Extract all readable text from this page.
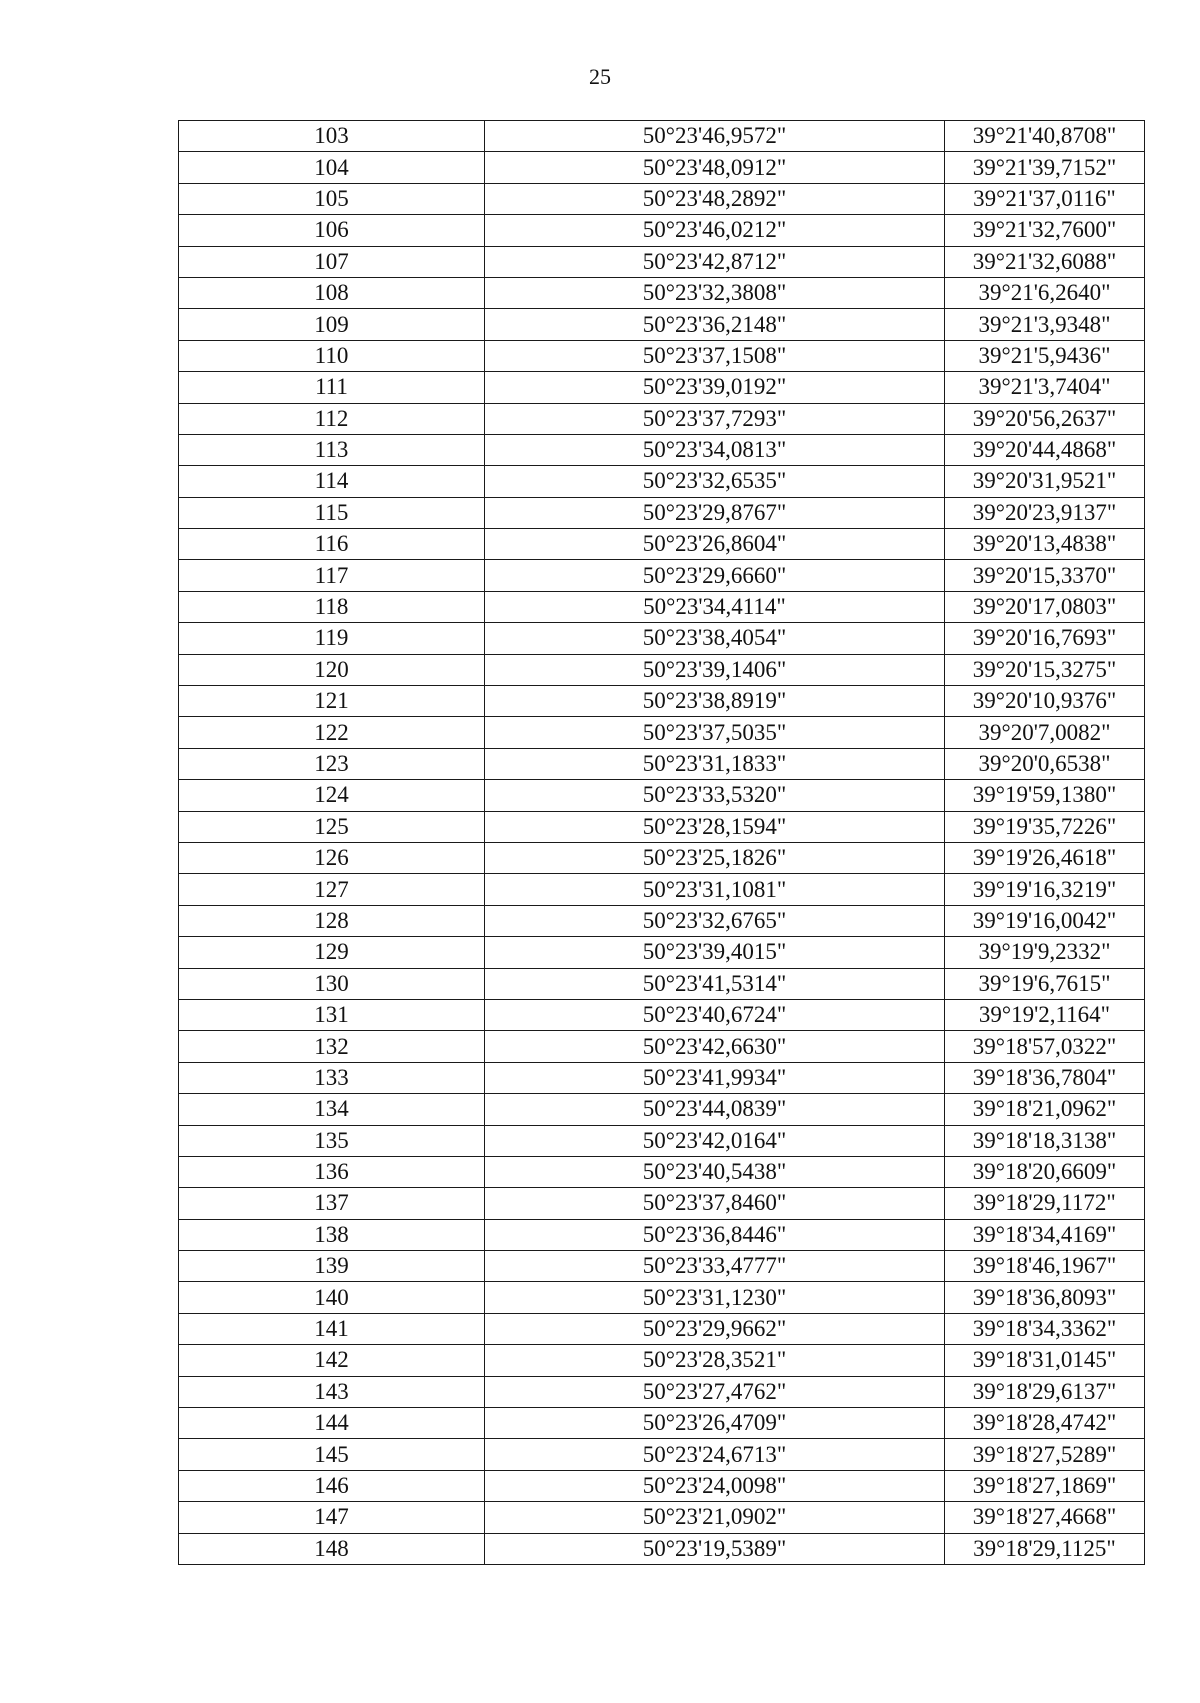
25
103	50°23'46,9572"	39°21'40,8708"
104	50°23'48,0912"	39°21'39,7152"
105	50°23'48,2892"	39°21'37,0116"
106	50°23'46,0212"	39°21'32,7600"
107	50°23'42,8712"	39°21'32,6088"
108	50°23'32,3808"	39°21'6,2640"
109	50°23'36,2148"	39°21'3,9348"
110	50°23'37,1508"	39°21'5,9436"
111	50°23'39,0192"	39°21'3,7404"
112	50°23'37,7293"	39°20'56,2637"
113	50°23'34,0813"	39°20'44,4868"
114	50°23'32,6535"	39°20'31,9521"
115	50°23'29,8767"	39°20'23,9137"
116	50°23'26,8604"	39°20'13,4838"
117	50°23'29,6660"	39°20'15,3370"
118	50°23'34,4114"	39°20'17,0803"
119	50°23'38,4054"	39°20'16,7693"
120	50°23'39,1406"	39°20'15,3275"
121	50°23'38,8919"	39°20'10,9376"
122	50°23'37,5035"	39°20'7,0082"
123	50°23'31,1833"	39°20'0,6538"
124	50°23'33,5320"	39°19'59,1380"
125	50°23'28,1594"	39°19'35,7226"
126	50°23'25,1826"	39°19'26,4618"
127	50°23'31,1081"	39°19'16,3219"
128	50°23'32,6765"	39°19'16,0042"
129	50°23'39,4015"	39°19'9,2332"
130	50°23'41,5314"	39°19'6,7615"
131	50°23'40,6724"	39°19'2,1164"
132	50°23'42,6630"	39°18'57,0322"
133	50°23'41,9934"	39°18'36,7804"
134	50°23'44,0839"	39°18'21,0962"
135	50°23'42,0164"	39°18'18,3138"
136	50°23'40,5438"	39°18'20,6609"
137	50°23'37,8460"	39°18'29,1172"
138	50°23'36,8446"	39°18'34,4169"
139	50°23'33,4777"	39°18'46,1967"
140	50°23'31,1230"	39°18'36,8093"
141	50°23'29,9662"	39°18'34,3362"
142	50°23'28,3521"	39°18'31,0145"
143	50°23'27,4762"	39°18'29,6137"
144	50°23'26,4709"	39°18'28,4742"
145	50°23'24,6713"	39°18'27,5289"
146	50°23'24,0098"	39°18'27,1869"
147	50°23'21,0902"	39°18'27,4668"
148	50°23'19,5389"	39°18'29,1125"
